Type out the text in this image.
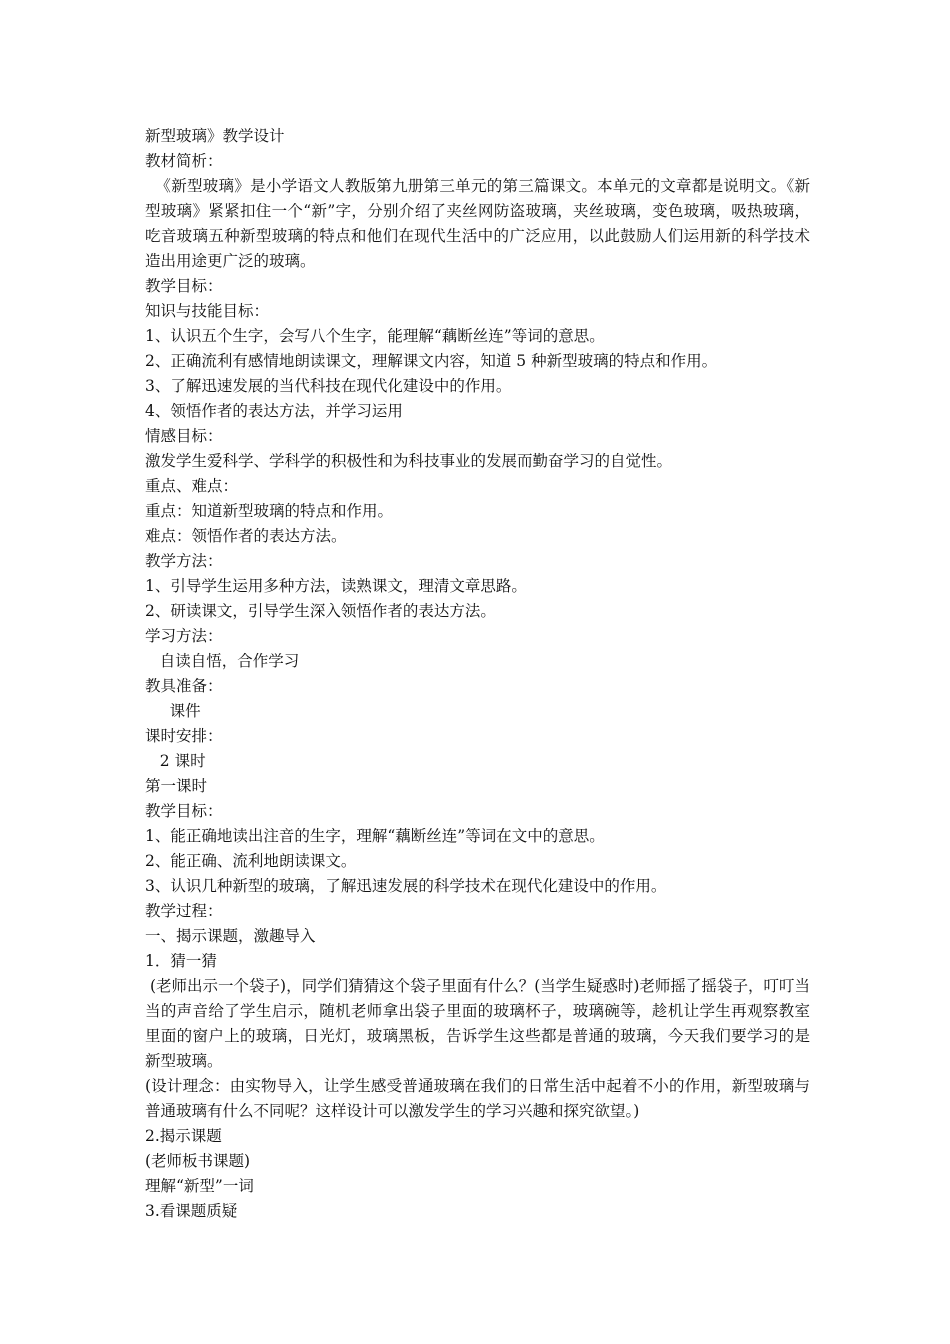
新型玻璃》教学设计

教材简析：

《新型玻璃》是小学语文人教版第九册第三单元的第三篇课文。本单元的文章都是说明文。《新型玻璃》紧紧扣住一个“新”字，分别介绍了夹丝网防盗玻璃，夹丝玻璃，变色玻璃，吸热玻璃，吃音玻璃五种新型玻璃的特点和他们在现代生活中的广泛应用，以此鼓励人们运用新的科学技术造出用途更广泛的玻璃。

教学目标：

知识与技能目标：

1、认识五个生字，会写八个生字，能理解“藕断丝连”等词的意思。

2、正确流利有感情地朗读课文，理解课文内容，知道 5 种新型玻璃的特点和作用。

3、了解迅速发展的当代科技在现代化建设中的作用。

4、领悟作者的表达方法，并学习运用

情感目标：

激发学生爱科学、学科学的积极性和为科技事业的发展而勤奋学习的自觉性。

重点、难点：

重点：知道新型玻璃的特点和作用。

难点：领悟作者的表达方法。

教学方法：

1、引导学生运用多种方法，读熟课文，理清文章思路。

2、研读课文，引导学生深入领悟作者的表达方法。

学习方法：

自读自悟，合作学习

教具准备：

课件

课时安排：

2 课时

第一课时

教学目标：

1、能正确地读出注音的生字，理解“藕断丝连”等词在文中的意思。

2、能正确、流利地朗读课文。

3、认识几种新型的玻璃，了解迅速发展的科学技术在现代化建设中的作用。

教学过程：

一、揭示课题，激趣导入

1．猜一猜

(老师出示一个袋子)，同学们猜猜这个袋子里面有什么？(当学生疑惑时)老师摇了摇袋子，叮叮当当的声音给了学生启示，随机老师拿出袋子里面的玻璃杯子，玻璃碗等，趁机让学生再观察教室里面的窗户上的玻璃，日光灯，玻璃黑板，告诉学生这些都是普通的玻璃，今天我们要学习的是新型玻璃。

(设计理念：由实物导入，让学生感受普通玻璃在我们的日常生活中起着不小的作用，新型玻璃与普通玻璃有什么不同呢？这样设计可以激发学生的学习兴趣和探究欲望。)

2.揭示课题

(老师板书课题)

理解“新型”一词

3.看课题质疑
